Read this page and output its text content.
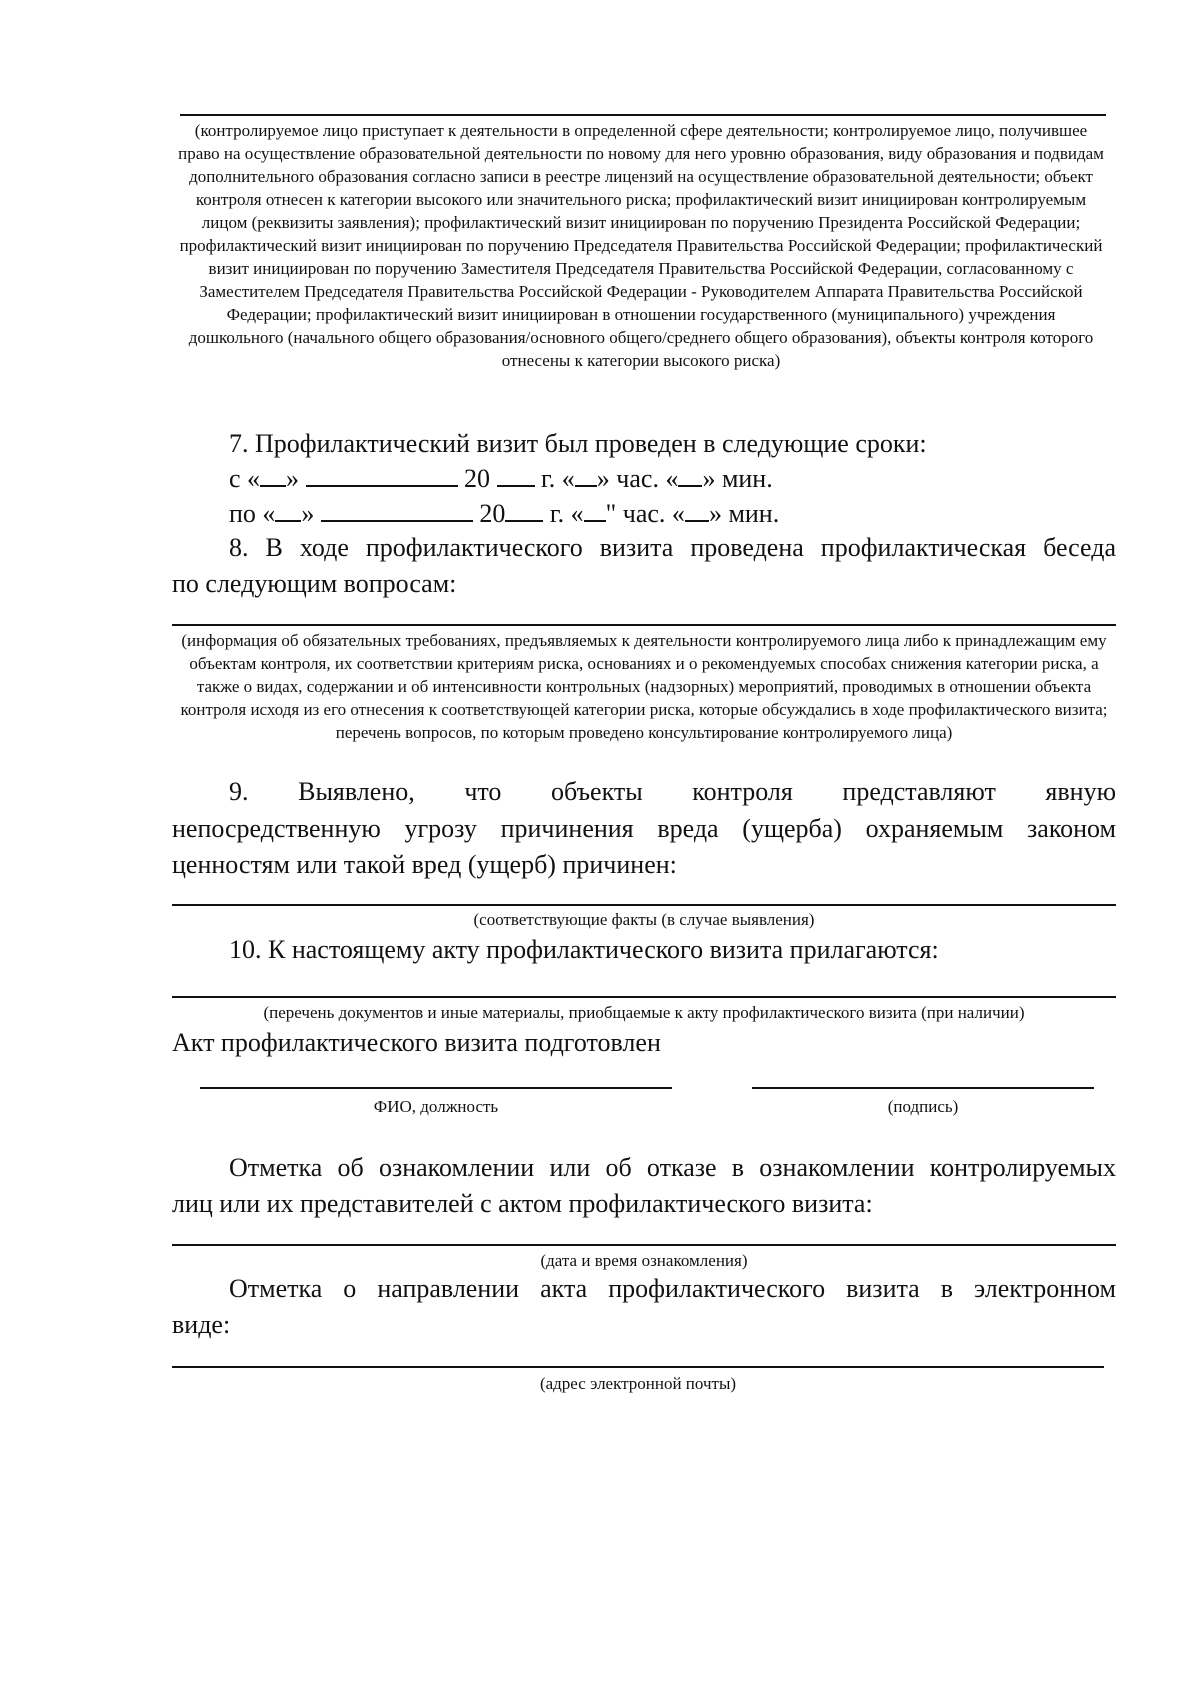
(контролируемое лицо приступает к деятельности в определенной сфере деятельности; контролируемое лицо, получившее право на осуществление образовательной деятельности по новому для него уровню образования, виду образования и подвидам дополнительного образования согласно записи в реестре лицензий на осуществление образовательной деятельности; объект контроля отнесен к категории высокого или значительного риска; профилактический визит инициирован контролируемым лицом (реквизиты заявления); профилактический визит инициирован по поручению Президента Российской Федерации; профилактический визит инициирован по поручению Председателя Правительства Российской Федерации; профилактический визит инициирован по поручению Заместителя Председателя Правительства Российской Федерации, согласованному с Заместителем Председателя Правительства Российской Федерации - Руководителем Аппарата Правительства Российской Федерации; профилактический визит инициирован в отношении государственного (муниципального) учреждения дошкольного (начального общего образования/основного общего/среднего общего образования), объекты контроля которого отнесены к категории высокого риска)
7. Профилактический визит был проведен в следующие сроки:
с « »	20 г. « » час. « » мин.
по « »	20 г. « " час. « » мин.
8. В ходе профилактического визита проведена профилактическая беседа
по следующим вопросам:
(информация об обязательных требованиях, предъявляемых к деятельности контролируемого лица либо к принадлежащим ему объектам контроля, их соответствии критериям риска, основаниях и о рекомендуемых способах снижения категории риска, а также о видах, содержании и об интенсивности контрольных (надзорных) мероприятий, проводимых в отношении объекта контроля исходя из его отнесения к соответствующей категории риска, которые обсуждались в ходе профилактического визита; перечень вопросов, по которым проведено консультирование контролируемого лица)
9. Выявлено, что объекты контроля представляют явную
непосредственную угрозу причинения вреда (ущерба) охраняемым законом
ценностям или такой вред (ущерб) причинен:
(соответствующие факты (в случае выявления)
10. К настоящему акту профилактического визита прилагаются:
(перечень документов и иные материалы, приобщаемые к акту профилактического визита (при наличии)
Акт профилактического визита подготовлен
ФИО, должность	(подпись)
Отметка об ознакомлении или об отказе в ознакомлении контролируемых
лиц или их представителей с актом профилактического визита:
(дата и время ознакомления)
Отметка о направлении акта профилактического визита в электронном
виде:
(адрес электронной почты)
